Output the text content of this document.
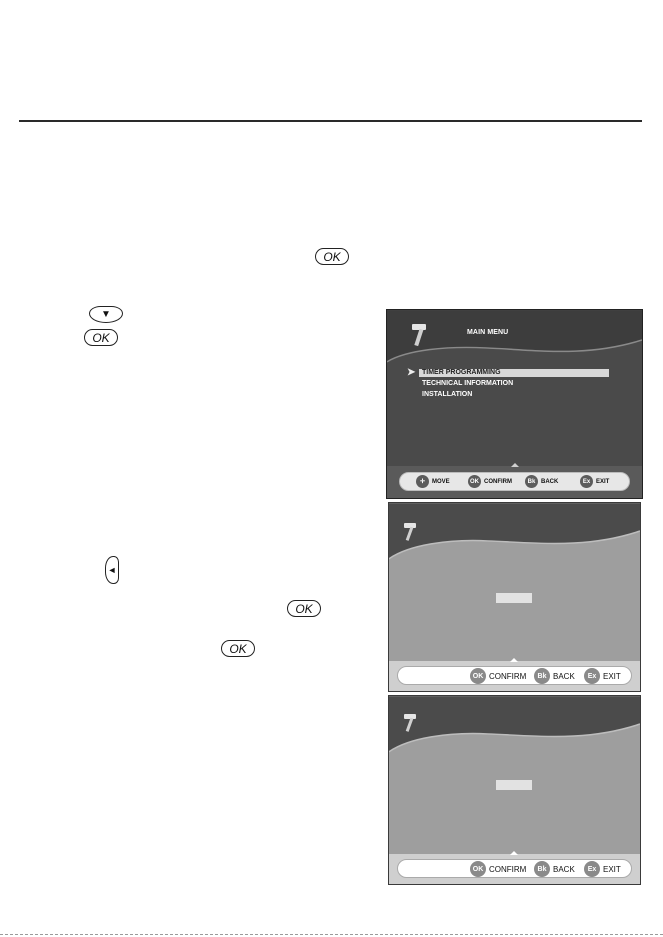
OK
▼
OK
◄
OK
OK
MAIN MENU
➤ TIMER PROGRAMMING
TECHNICAL INFORMATION
INSTALLATION
✛	MOVE	OK CONFIRM	Bk BACK	Ex EXIT
OK CONFIRM	Bk BACK	Ex EXIT
OK CONFIRM	Bk BACK	Ex EXIT
